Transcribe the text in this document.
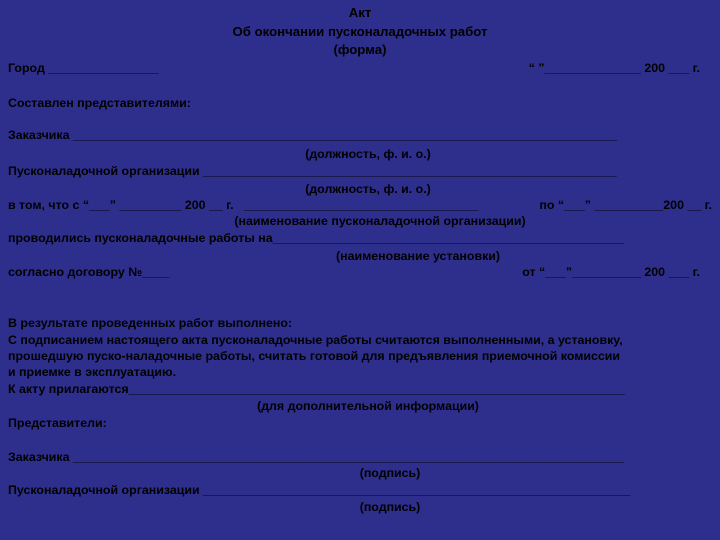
Акт
Об окончании пусконаладочных работ
(форма)
Город ________________	“ ”______________ 200 ___ г.
Составлен представителями:
Заказчика _______________________________________________________________________________
(должность, ф. и. о.)
Пусконаладочной организации ____________________________________________________________
(должность, ф. и. о.)
в том, что с “___” _________ 200 __ г.   __________________________________	по “___” __________200 __ г.
(наименование пусконаладочной организации)
проводились пусконаладочные работы на___________________________________________________
(наименование установки)
согласно договору №____	от “___”__________ 200 ___ г.
В результате проведенных работ выполнено:
С подписанием настоящего акта пусконаладочные работы считаются выполненными, а установку,
прошедшую пуско-наладочные работы, считать готовой для предъявления приемочной комиссии
и приемке в эксплуатацию.
К акту прилагаются________________________________________________________________________
(для дополнительной информации)
Представители:
Заказчика ________________________________________________________________________________
(подпись)
Пусконаладочной организации ______________________________________________________________
(подпись)
